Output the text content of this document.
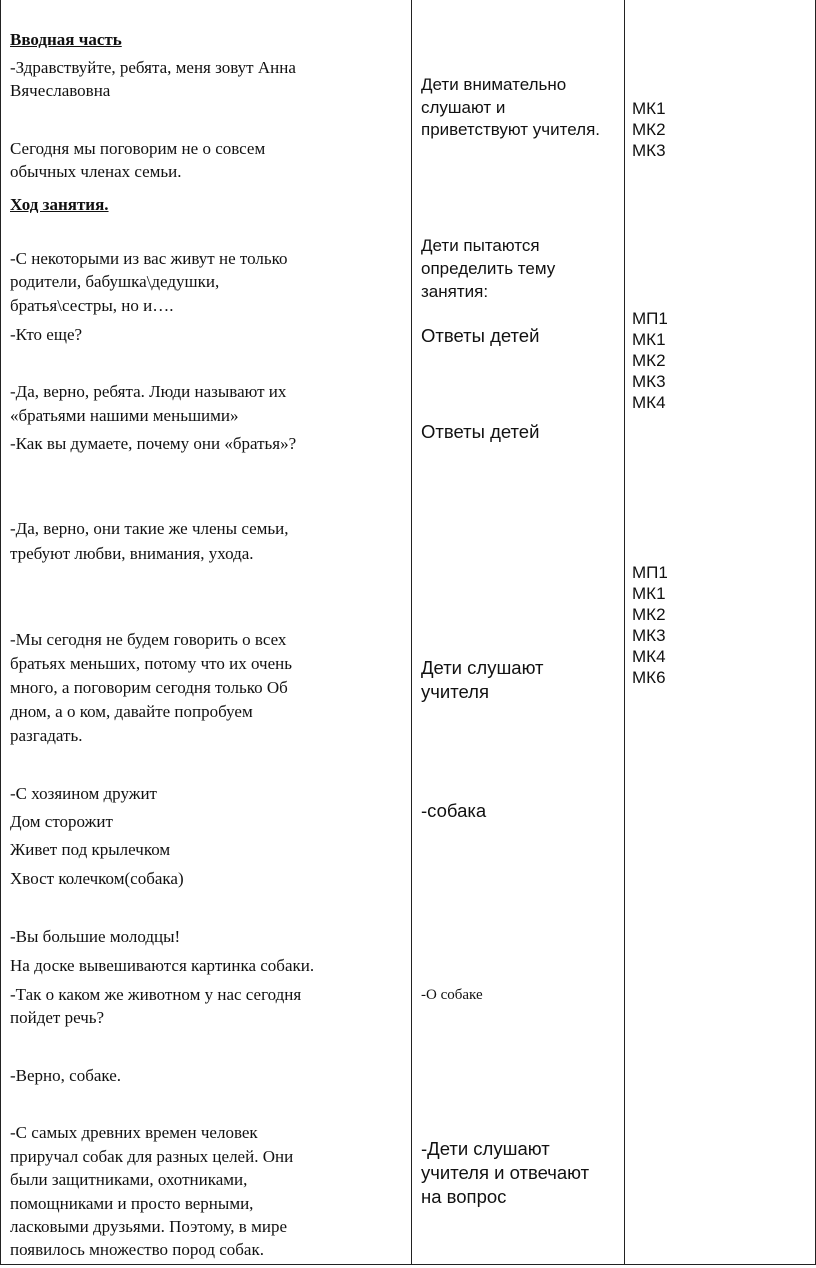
Вводная часть
-Здравствуйте, ребята, меня зовут Анна
Вячеславовна
Сегодня мы поговорим не о совсем
обычных членах семьи.
Ход занятия.
-С некоторыми из вас живут не только
родители, бабушка\дедушки,
братья\сестры, но и….
-Кто еще?
-Да, верно, ребята. Люди называют их
«братьями нашими меньшими»
-Как вы думаете, почему они «братья»?
-Да, верно, они такие же члены семьи,
требуют любви, внимания, ухода.
-Мы сегодня не будем говорить о всех
братьях меньших, потому что их очень
много, а поговорим сегодня только Об
дном, а о ком, давайте попробуем
разгадать.
-С хозяином дружит
Дом сторожит
Живет под крылечком
Хвост колечком(собака)
-Вы большие молодцы!
На доске вывешиваются картинка собаки.
-Так о каком же животном у нас сегодня
пойдет речь?
-Верно, собаке.
-С самых древних времен человек
приручал собак для разных целей. Они
были защитниками, охотниками,
помощниками и просто верными,
ласковыми друзьями. Поэтому, в мире
появилось множество пород собак.
Дети внимательно
слушают и
приветствуют учителя.
Дети пытаются
определить тему
занятия:
Ответы детей
Ответы детей
Дети слушают
учителя
-собака
-О собаке
-Дети слушают
учителя и отвечают
на вопрос
МК1
МК2
МК3
МП1
МК1
МК2
МК3
МК4
МП1
МК1
МК2
МК3
МК4
МК6
